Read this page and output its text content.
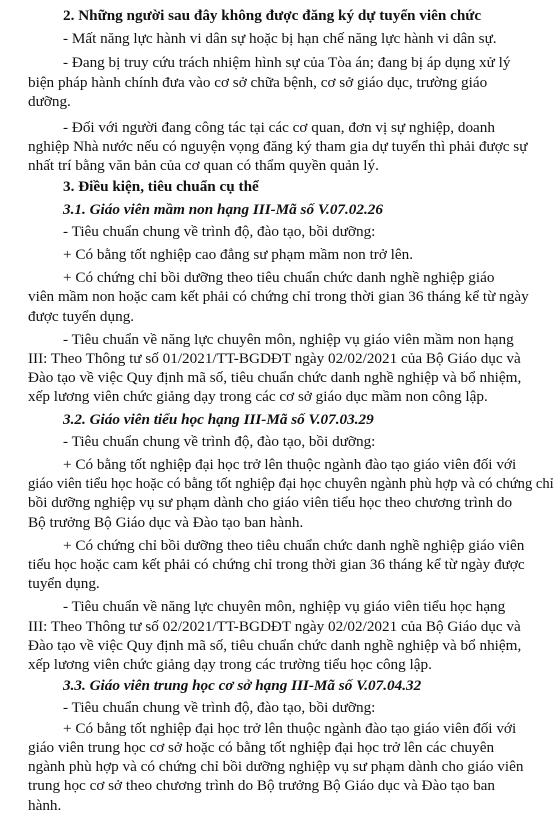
2. Những người sau đây không được đăng ký dự tuyển viên chức
- Mất năng lực hành vi dân sự hoặc bị hạn chế năng lực hành vi dân sự.
- Đang bị truy cứu trách nhiệm hình sự của Tòa án; đang bị áp dụng xử lý
biện pháp hành chính đưa vào cơ sở chữa bệnh, cơ sở giáo dục, trường giáo
dưỡng.
- Đối với người đang công tác tại các cơ quan, đơn vị sự nghiệp, doanh
nghiệp Nhà nước nếu có nguyện vọng đăng ký tham gia dự tuyển thì phải được sự
nhất trí bằng văn bản của cơ quan có thẩm quyền quản lý.
3. Điều kiện, tiêu chuẩn cụ thể
3.1. Giáo viên mầm non hạng III-Mã số V.07.02.26
- Tiêu chuẩn chung về trình độ, đào tạo, bồi dưỡng:
+ Có bằng tốt nghiệp cao đẳng sư phạm mầm non trở lên.
+ Có chứng chỉ bồi dưỡng theo tiêu chuẩn chức danh nghề nghiệp giáo
viên mầm non hoặc cam kết phải có chứng chỉ trong thời gian 36 tháng kể từ ngày
được tuyển dụng.
- Tiêu chuẩn về năng lực chuyên môn, nghiệp vụ giáo viên mầm non hạng
III: Theo Thông tư số 01/2021/TT-BGDĐT ngày 02/02/2021 của Bộ Giáo dục và
Đào tạo về việc Quy định mã số, tiêu chuẩn chức danh nghề nghiệp và bổ nhiệm,
xếp lương viên chức giảng dạy trong các cơ sở giáo dục mầm non công lập.
3.2. Giáo viên tiểu học hạng III-Mã số V.07.03.29
- Tiêu chuẩn chung về trình độ, đào tạo, bồi dưỡng:
+ Có bằng tốt nghiệp đại học trở lên thuộc ngành đào tạo giáo viên đối với
giáo viên tiểu học hoặc có bằng tốt nghiệp đại học chuyên ngành phù hợp và có chứng chỉ
bồi dưỡng nghiệp vụ sư phạm dành cho giáo viên tiểu học theo chương trình do
Bộ trưởng Bộ Giáo dục và Đào tạo ban hành.
+ Có chứng chỉ bồi dưỡng theo tiêu chuẩn chức danh nghề nghiệp giáo viên
tiểu học hoặc cam kết phải có chứng chỉ trong thời gian 36 tháng kể từ ngày được
tuyển dụng.
- Tiêu chuẩn về năng lực chuyên môn, nghiệp vụ giáo viên tiểu học hạng
III: Theo Thông tư số 02/2021/TT-BGDĐT ngày 02/02/2021 của Bộ Giáo dục và
Đào tạo về việc Quy định mã số, tiêu chuẩn chức danh nghề nghiệp và bổ nhiệm,
xếp lương viên chức giảng dạy trong các trường tiểu học công lập.
3.3. Giáo viên trung học cơ sở hạng III-Mã số V.07.04.32
- Tiêu chuẩn chung về trình độ, đào tạo, bồi dưỡng:
+ Có bằng tốt nghiệp đại học trở lên thuộc ngành đào tạo giáo viên đối với
giáo viên trung học cơ sở hoặc có bằng tốt nghiệp đại học trở lên các chuyên
ngành phù hợp và có chứng chỉ bồi dưỡng nghiệp vụ sư phạm dành cho giáo viên
trung học cơ sở theo chương trình do Bộ trưởng Bộ Giáo dục và Đào tạo ban
hành.
